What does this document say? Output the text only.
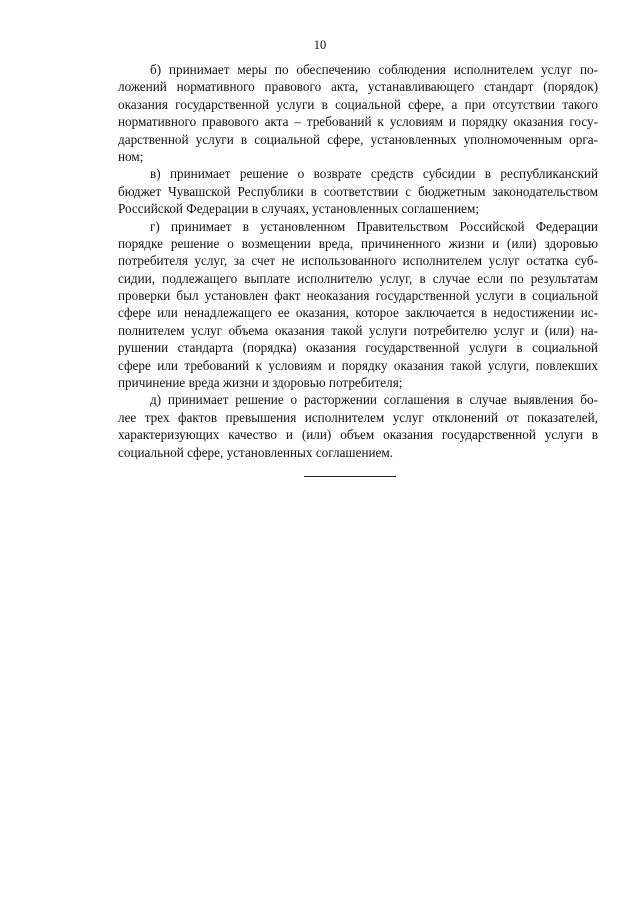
10
б) принимает меры по обеспечению соблюдения исполнителем услуг по-
ложений нормативного правового акта, устанавливающего стандарт (порядок)
оказания государственной услуги в социальной сфере, а при отсутствии такого
нормативного правового акта – требований к условиям и порядку оказания госу-
дарственной услуги в социальной сфере, установленных уполномоченным орга-
ном;
в) принимает решение о возврате средств субсидии в республиканский
бюджет Чувашской Республики в соответствии с бюджетным законодательством
Российской Федерации в случаях, установленных соглашением;
г) принимает в установленном Правительством Российской Федерации
порядке решение о возмещении вреда, причиненного жизни и (или) здоровью
потребителя услуг, за счет не использованного исполнителем услуг остатка суб-
сидии, подлежащего выплате исполнителю услуг, в случае если по результатам
проверки был установлен факт неоказания государственной услуги в социальной
сфере или ненадлежащего ее оказания, которое заключается в недостижении ис-
полнителем услуг объема оказания такой услуги потребителю услуг и (или) на-
рушении стандарта (порядка) оказания государственной услуги в социальной
сфере или требований к условиям и порядку оказания такой услуги, повлекших
причинение вреда жизни и здоровью потребителя;
д) принимает решение о расторжении соглашения в случае выявления бо-
лее трех фактов превышения исполнителем услуг отклонений от показателей,
характеризующих качество и (или) объем оказания государственной услуги в
социальной сфере, установленных соглашением.
